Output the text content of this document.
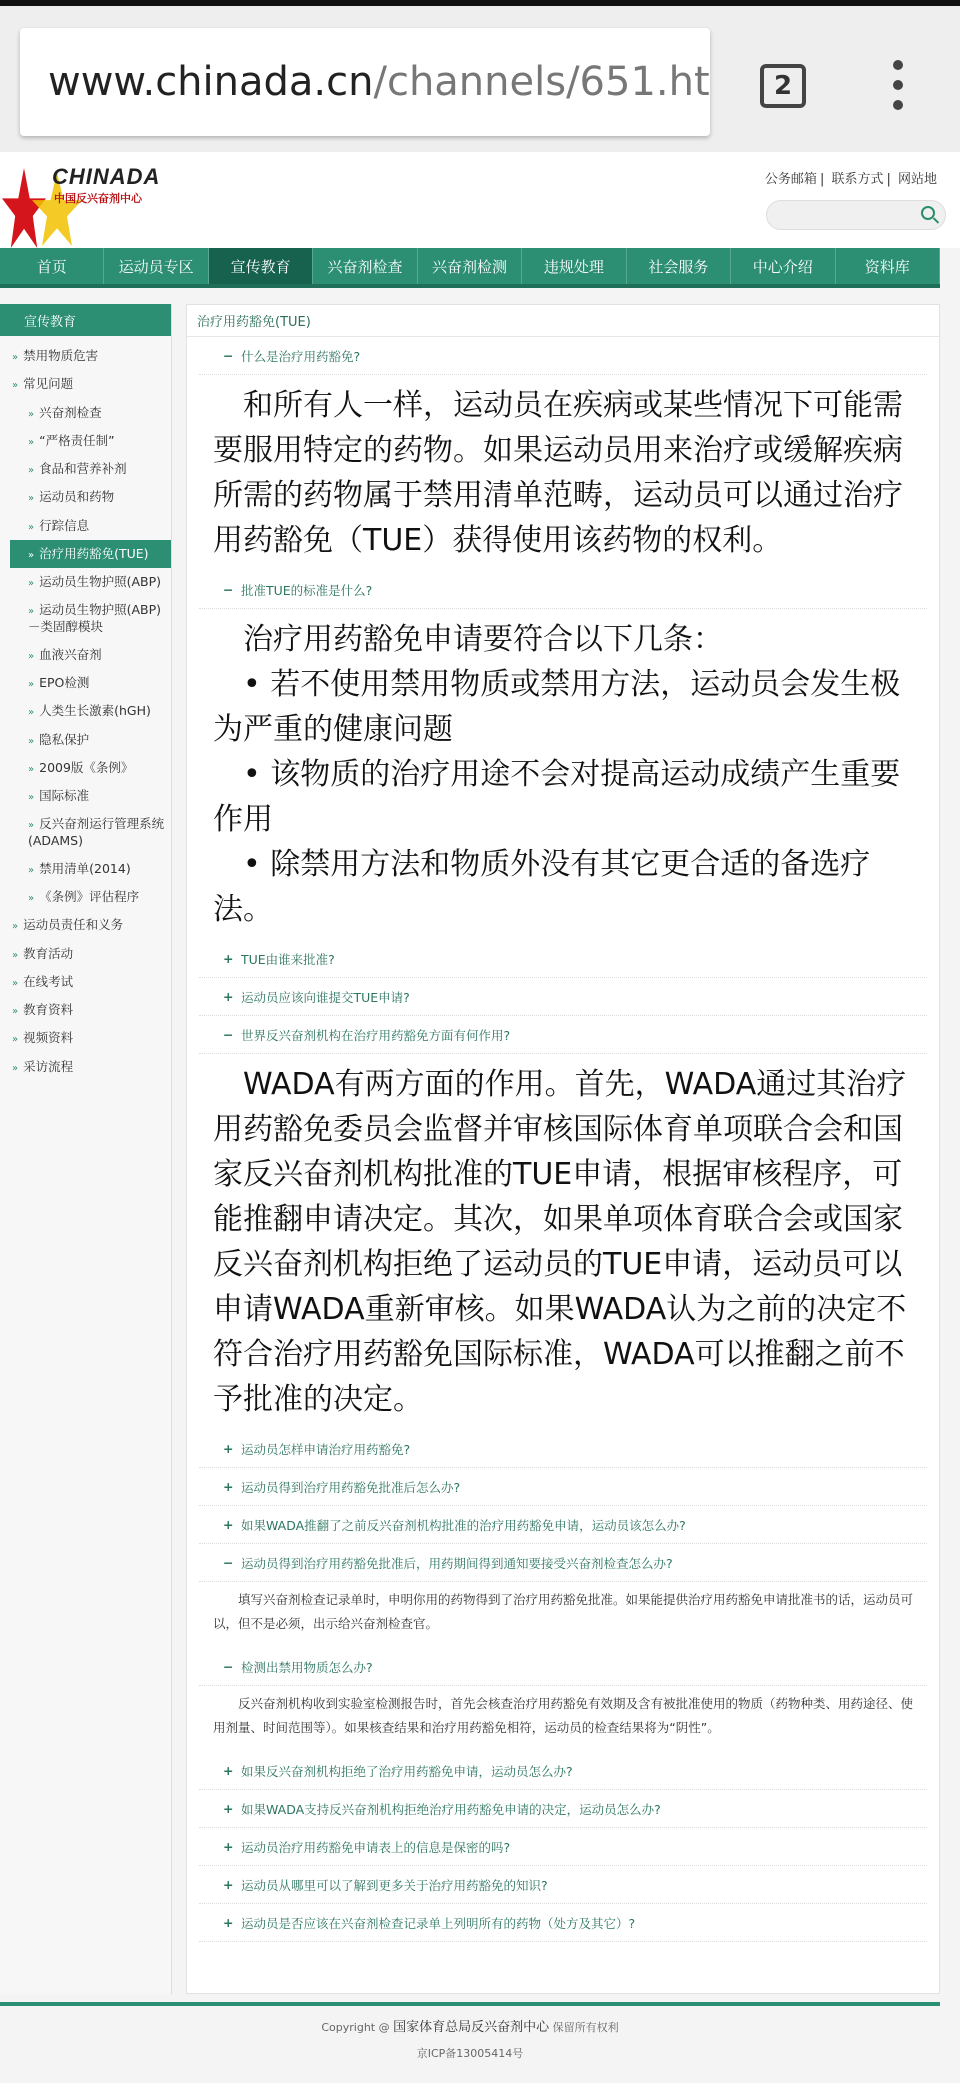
www.chinada.cn /channels/651.ht	2
CHINADA
中国反兴奋剂中心
公务邮箱 | 联系方式 | 网站地
首页	运动员专区	宣传教育	兴奋剂检查	兴奋剂检测	违规处理	社会服务	中心介绍	资料库
宣传教育
» 禁用物质危害
» 常见问题
» 兴奋剂检查
» “严格责任制”
» 食品和营养补剂
» 运动员和药物
» 行踪信息
» 治疗用药豁免(TUE)
» 运动员生物护照(ABP)
» 运动员生物护照(ABP)－类固醇模块
» 血液兴奋剂
» EPO检测
» 人类生长激素(hGH)
» 隐私保护
» 2009版《条例》
» 国际标准
» 反兴奋剂运行管理系统(ADAMS)
» 禁用清单(2014)
» 《条例》评估程序
» 运动员责任和义务
» 教育活动
» 在线考试
» 教育资料
» 视频资料
» 采访流程
治疗用药豁免(TUE)
− 什么是治疗用药豁免?
　和所有人一样，运动员在疾病或某些情况下可能需要服用特定的药物。如果运动员用来治疗或缓解疾病所需的药物属于禁用清单范畴，运动员可以通过治疗用药豁免（TUE）获得使用该药物的权利。
− 批准TUE的标准是什么?

　治疗用药豁免申请要符合以下几条：

　• 若不使用禁用物质或禁用方法，运动员会发生极为严重的健康问题

　• 该物质的治疗用途不会对提高运动成绩产生重要作用

　• 除禁用方法和物质外没有其它更合适的备选疗法。

+ TUE由谁来批准?
+ 运动员应该向谁提交TUE申请?
− 世界反兴奋剂机构在治疗用药豁免方面有何作用?
　WADA有两方面的作用。首先，WADA通过其治疗用药豁免委员会监督并审核国际体育单项联合会和国家反兴奋剂机构批准的TUE申请，根据审核程序，可能推翻申请决定。其次，如果单项体育联合会或国家反兴奋剂机构拒绝了运动员的TUE申请，运动员可以申请WADA重新审核。如果WADA认为之前的决定不符合治疗用药豁免国际标准，WADA可以推翻之前不予批准的决定。
+ 运动员怎样申请治疗用药豁免?
+ 运动员得到治疗用药豁免批准后怎么办?
+ 如果WADA推翻了之前反兴奋剂机构批准的治疗用药豁免申请，运动员该怎么办?
− 运动员得到治疗用药豁免批准后，用药期间得到通知要接受兴奋剂检查怎么办?
　　填写兴奋剂检查记录单时，申明你用的药物得到了治疗用药豁免批准。如果能提供治疗用药豁免申请批准书的话，运动员可以，但不是必须，出示给兴奋剂检查官。
− 检测出禁用物质怎么办?
　　反兴奋剂机构收到实验室检测报告时，首先会核查治疗用药豁免有效期及含有被批准使用的物质（药物种类、用药途径、使用剂量、时间范围等）。如果核查结果和治疗用药豁免相符，运动员的检查结果将为“阴性”。
+ 如果反兴奋剂机构拒绝了治疗用药豁免申请，运动员怎么办?
+ 如果WADA支持反兴奋剂机构拒绝治疗用药豁免申请的决定，运动员怎么办?
+ 运动员治疗用药豁免申请表上的信息是保密的吗?
+ 运动员从哪里可以了解到更多关于治疗用药豁免的知识?
+ 运动员是否应该在兴奋剂检查记录单上列明所有的药物（处方及其它）?
Copyright @ 国家体育总局反兴奋剂中心 保留所有权利
京ICP备13005414号
